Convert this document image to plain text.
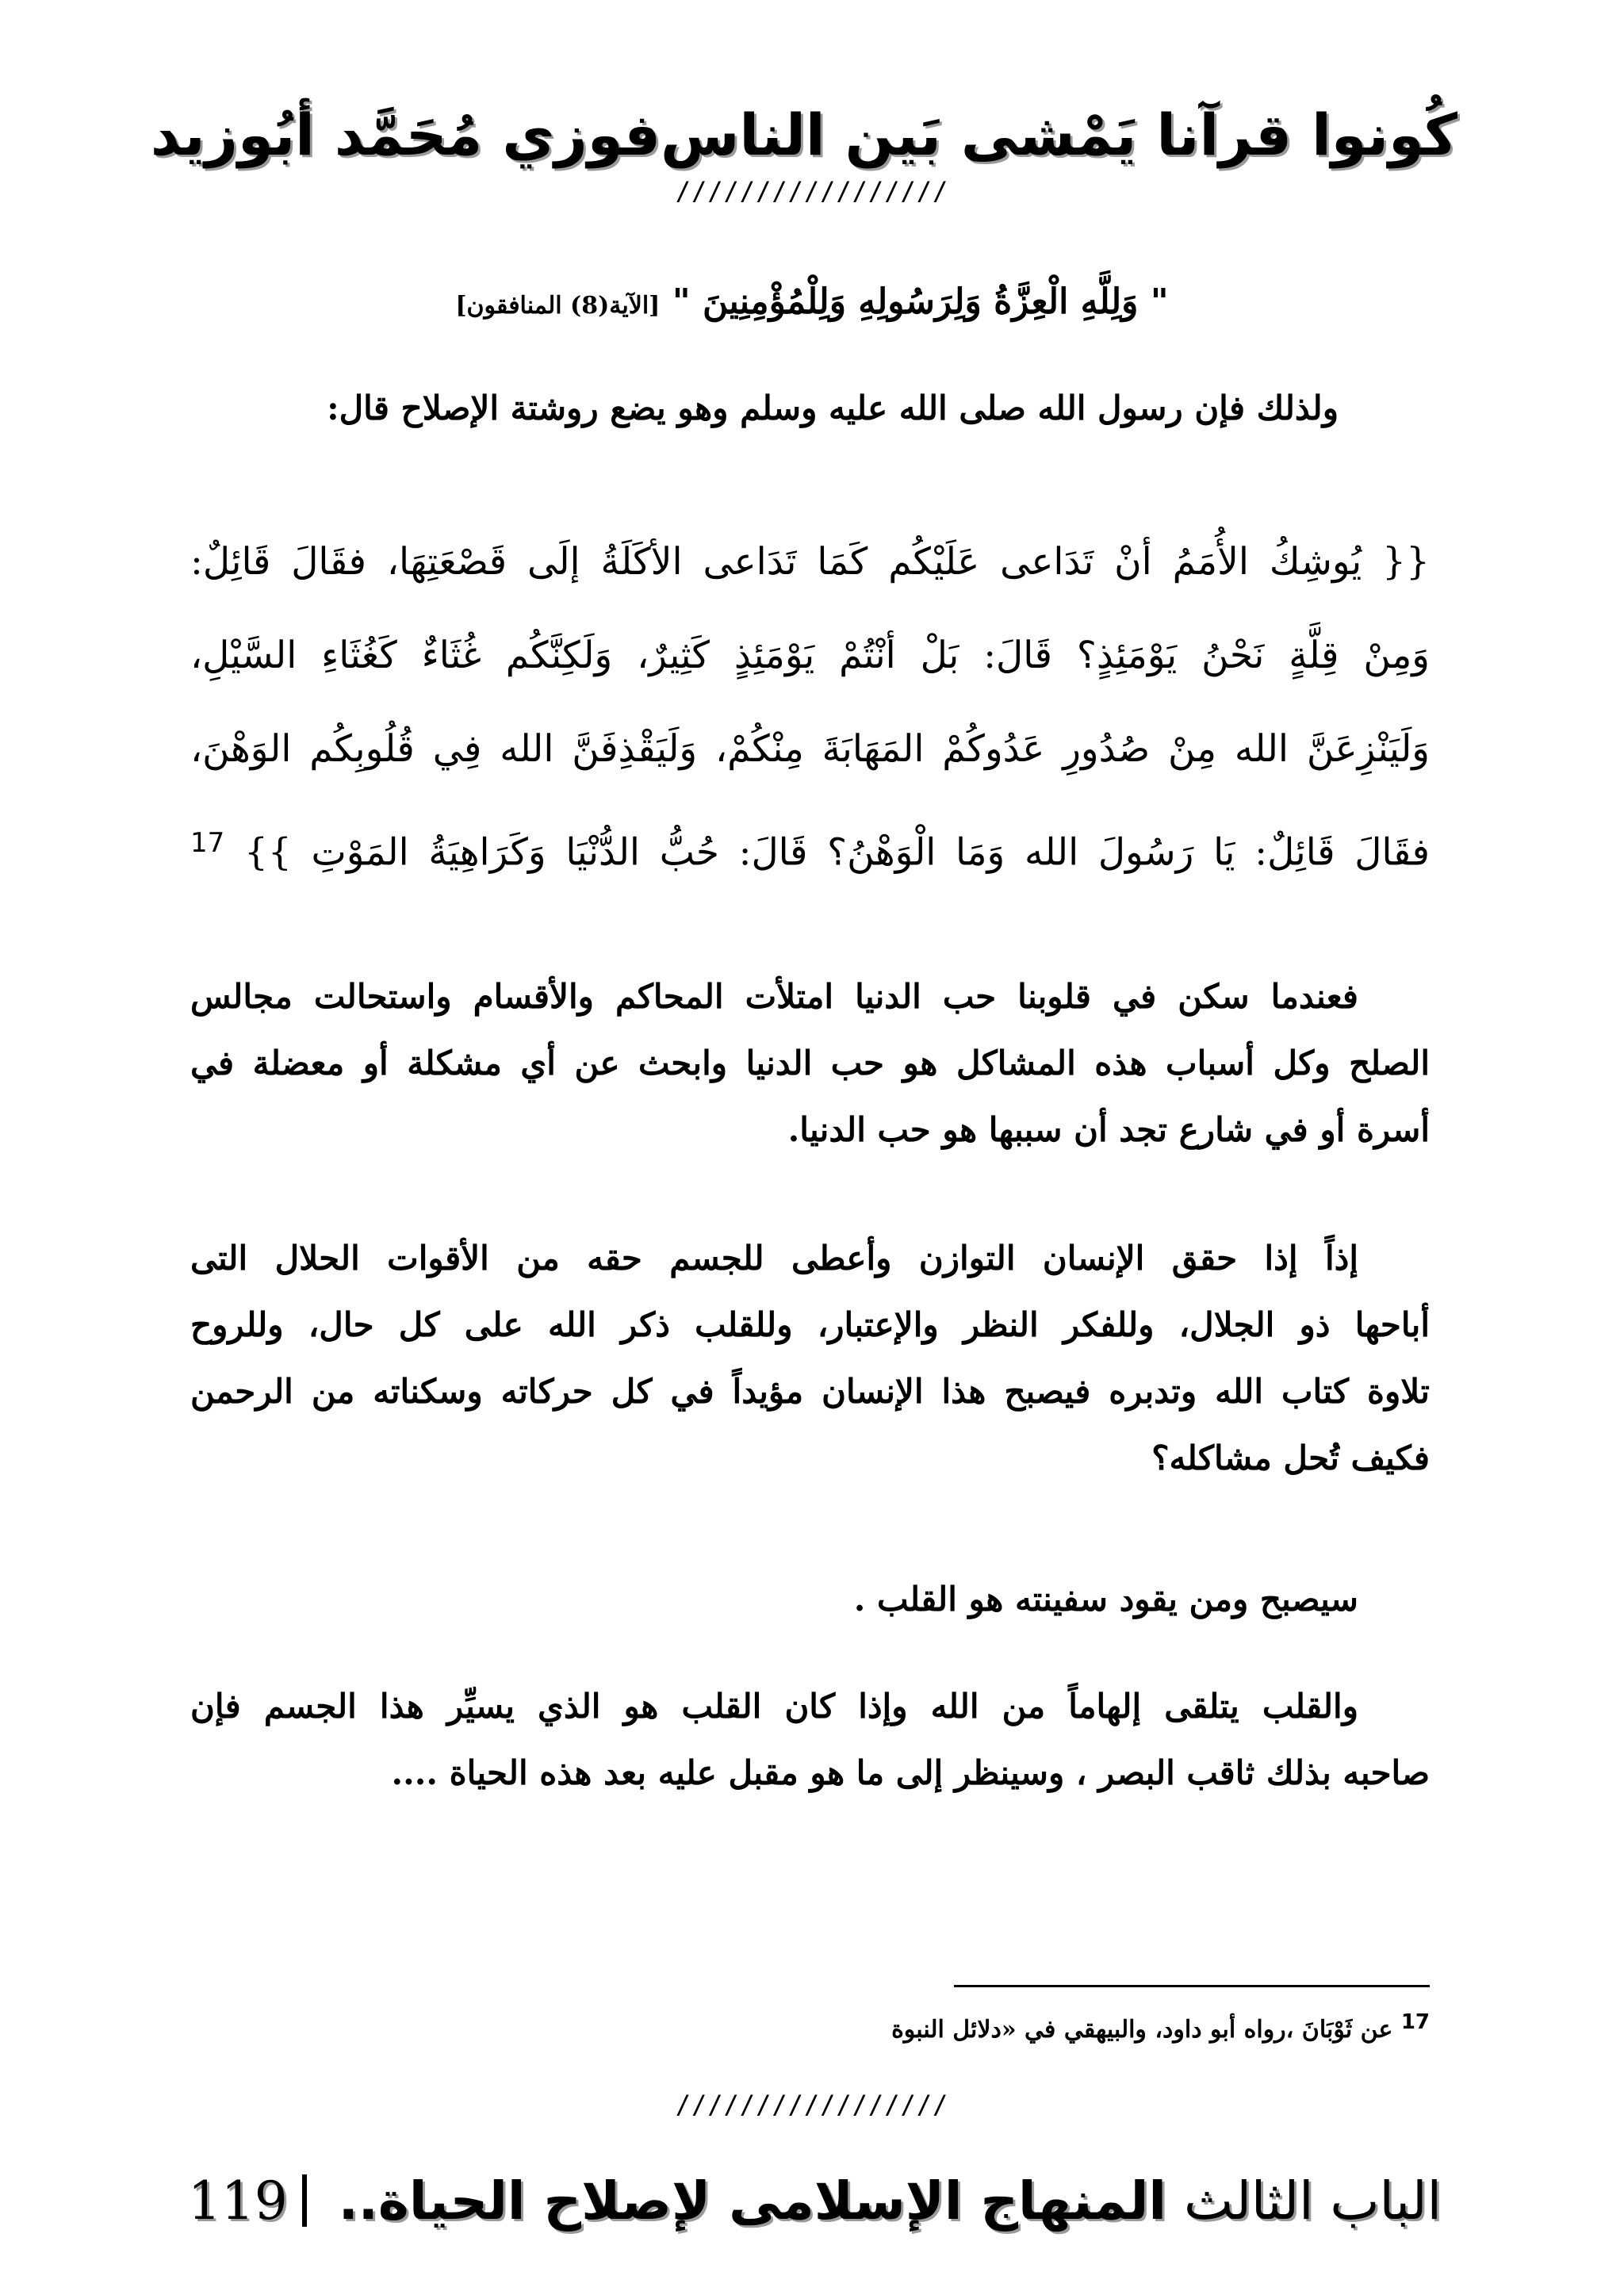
كُونوا قرآنا يَمْشى بَين الناس
فوزي مُحَمَّد أبُوزيد
/////////////////
" وَلِلَّهِ الْعِزَّةُ وَلِرَسُولِهِ وَلِلْمُؤْمِنِينَ " [الآية(8) المنافقون]
ولذلك فإن رسول الله صلى الله عليه وسلم وهو يضع روشتة الإصلاح قال:
{{ يُوشِكُ الأُمَمُ أنْ تَدَاعى عَلَيْكُم كَمَا تَدَاعى الأكَلَةُ إلَى قَصْعَتِهَا، فقَالَ قَائِلٌ:
وَمِنْ قِلَّةٍ نَحْنُ يَوْمَئِذٍ؟ قَالَ: بَلْ أنْتُمْ يَوْمَئِذٍ كَثِيرٌ، وَلَكِنَّكُم غُثَاءٌ كَغُثَاءِ السَّيْلِ،
وَلَيَنْزِعَنَّ الله مِنْ صُدُورِ عَدُوكُمْ المَهَابَةَ مِنْكُمْ، وَلَيَقْذِفَنَّ الله فِي قُلُوبِكُم الوَهْنَ،
فقَالَ قَائِلٌ: يَا رَسُولَ الله وَمَا الْوَهْنُ؟ قَالَ: حُبُّ الدُّنْيَا وَكَرَاهِيَةُ المَوْتِ }} $^{17}$
فعندما سكن في قلوبنا حب الدنيا امتلأت المحاكم والأقسام واستحالت مجالس
الصلح وكل أسباب هذه المشاكل هو حب الدنيا وابحث عن أي مشكلة أو معضلة في
أسرة أو في شارع تجد أن سببها هو حب الدنيا.
إذاً إذا حقق الإنسان التوازن وأعطى للجسم حقه من الأقوات الحلال التى
أباحها ذو الجلال، وللفكر النظر والإعتبار، وللقلب ذكر الله على كل حال، وللروح
تلاوة كتاب الله وتدبره فيصبح هذا الإنسان مؤيداً في كل حركاته وسكناته من الرحمن
فكيف تُحل مشاكله؟
سيصبح ومن يقود سفينته هو القلب .
والقلب يتلقى إلهاماً من الله وإذا كان القلب هو الذي يسيِّر هذا الجسم فإن
صاحبه بذلك ثاقب البصر ، وسينظر إلى ما هو مقبل عليه بعد هذه الحياة ....
17 عن ثَوْبَانَ ،رواه أبو داود، والبيهقي في «دلائل النبوة
/////////////////
الباب الثالث
المنهاج الإسلامى لإصلاح الحياة..
119
